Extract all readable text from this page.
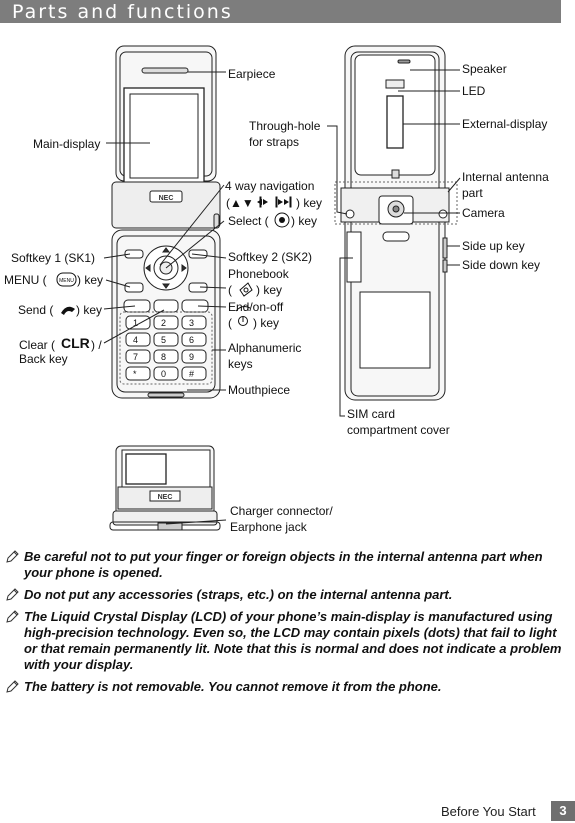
Parts and functions
NEC
1	2	3
4	5	6
7	8	9
*	0	#
NEC
MENU
Earpiece
Main-display
4 way navigation
(▲▼	) key
Select ( ) key
Softkey 1 (SK1)
MENU (	) key
Send ( ) key
Clear ( CLR ) /
Back key
Softkey 2 (SK2)
Phonebook
( ) key
End/on-off
( ) key
Alphanumeric
keys
Mouthpiece
Through-hole
for straps
Speaker
LED
External-display
Internal antenna
part
Camera
Side up key
Side down key
SIM card
compartment cover
Charger connector/
Earphone jack
Be careful not to put your finger or foreign objects in the internal antenna part when your phone is opened.
Do not put any accessories (straps, etc.) on the internal antenna part.
The Liquid Crystal Display (LCD) of your phone’s main-display is manufactured using high-precision technology. Even so, the LCD may contain pixels (dots) that fail to light or that remain permanently lit. Note that this is normal and does not indicate a problem with your display.
The battery is not removable. You cannot remove it from the phone.
Before You Start	3
